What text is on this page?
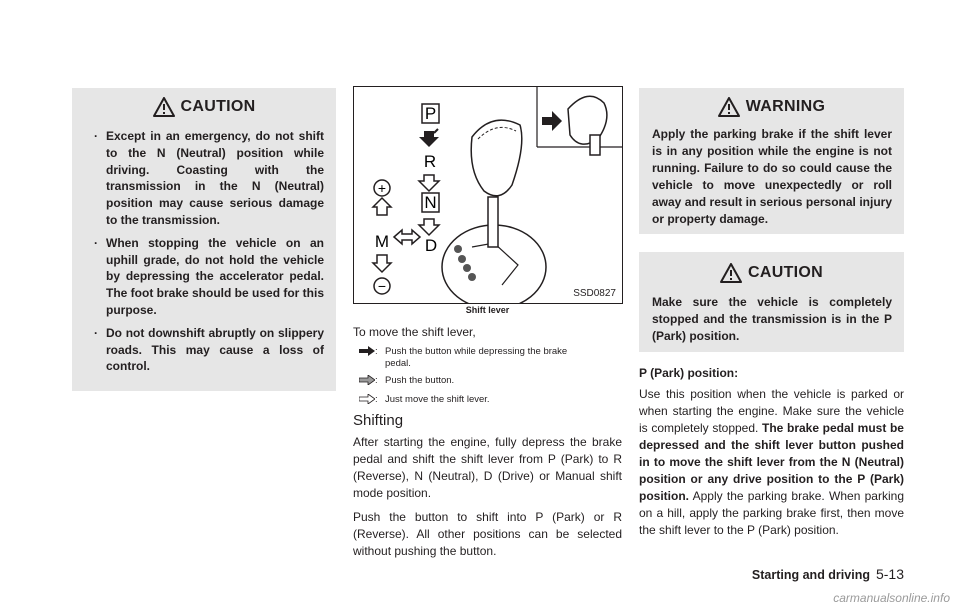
CAUTION
. Except in an emergency, do not shift to the N (Neutral) position while driving. Coasting with the transmission in the N (Neutral) position may cause serious damage to the transmission.
. When stopping the vehicle on an uphill grade, do not hold the vehicle by depressing the accelerator pedal. The foot brake should be used for this purpose.
. Do not downshift abruptly on slippery roads. This may cause a loss of control.
P
R
N
D
+
M
−	SSD0827
Shift lever

To move the shift lever,

: Push the button while depressing the brake pedal.
: Push the button.
: Just move the shift lever.
Shifting

After starting the engine, fully depress the brake pedal and shift the shift lever from P (Park) to R (Reverse), N (Neutral), D (Drive) or Manual shift mode position.

Push the button to shift into P (Park) or R (Reverse). All other positions can be selected without pushing the button.

WARNING

Apply the parking brake if the shift lever is in any position while the engine is not running. Failure to do so could cause the vehicle to move unexpectedly or roll away and result in serious personal injury or property damage.

CAUTION

Make sure the vehicle is completely stopped and the transmission is in the P (Park) position.

P (Park) position:

Use this position when the vehicle is parked or when starting the engine. Make sure the vehicle is completely stopped. The brake pedal must be depressed and the shift lever button pushed in to move the shift lever from the N (Neutral) position or any drive position to the P (Park) position. Apply the parking brake. When parking on a hill, apply the parking brake first, then move the shift lever to the P (Park) position.

Starting and driving 5-13
carmanualsonline.info
